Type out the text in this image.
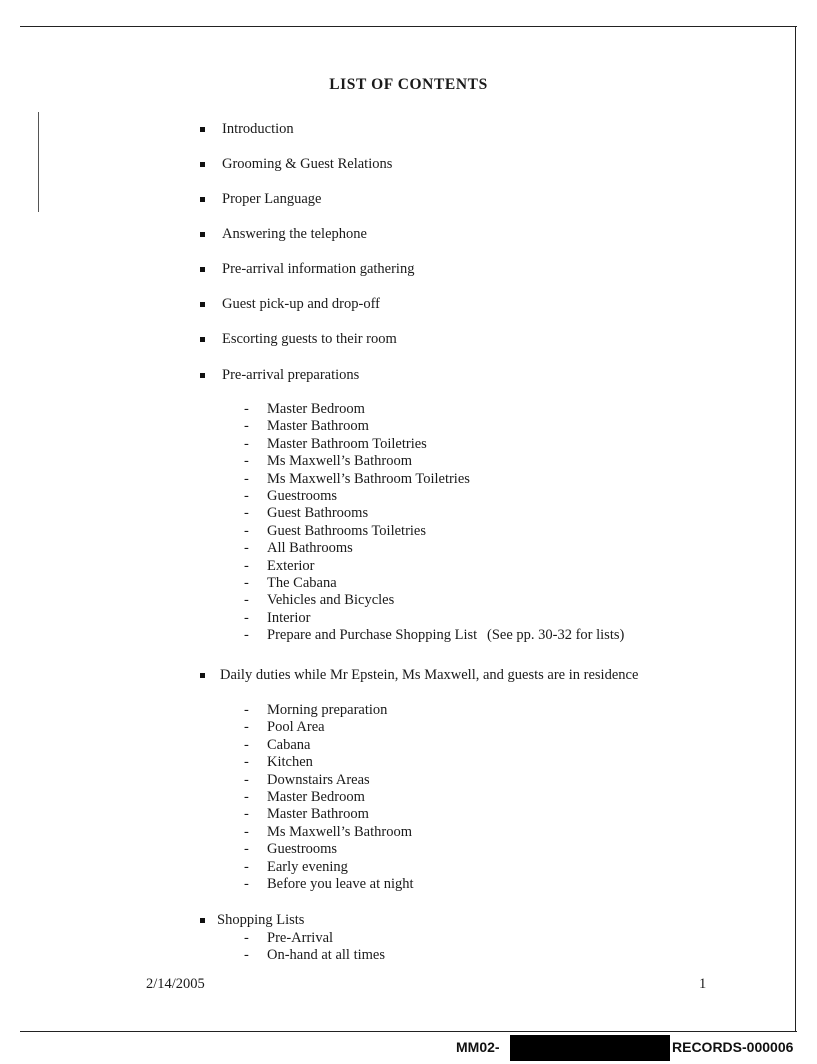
LIST OF CONTENTS
Introduction
Grooming & Guest Relations
Proper Language
Answering the telephone
Pre-arrival information gathering
Guest pick-up and drop-off
Escorting guests to their room
Pre-arrival preparations
- Master Bedroom
- Master Bathroom
- Master Bathroom Toiletries
- Ms Maxwell’s Bathroom
- Ms Maxwell’s Bathroom Toiletries
- Guestrooms
- Guest Bathrooms
- Guest Bathrooms Toiletries
- All Bathrooms
- Exterior
- The Cabana
- Vehicles and Bicycles
- Interior
- Prepare and Purchase Shopping List (See pp. 30-32 for lists)
Daily duties while Mr Epstein, Ms Maxwell, and guests are in residence
- Morning preparation
- Pool Area
- Cabana
- Kitchen
- Downstairs Areas
- Master Bedroom
- Master Bathroom
- Ms Maxwell’s Bathroom
- Guestrooms
- Early evening
- Before you leave at night
Shopping Lists
- Pre-Arrival
- On-hand at all times
2/14/2005	1
MM02-	RECORDS-000006
